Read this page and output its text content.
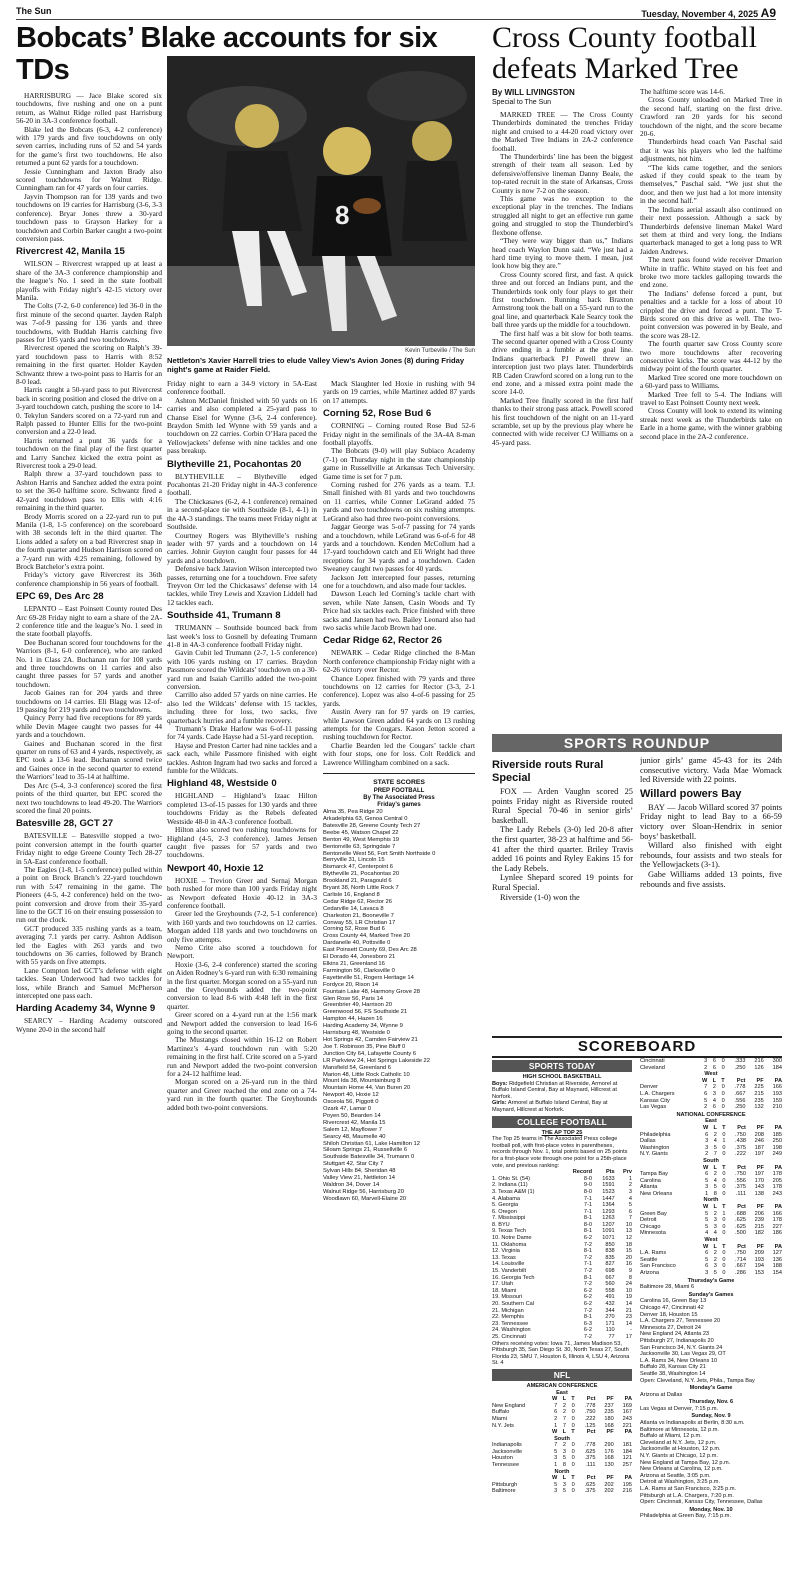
The Sun	Tuesday, November 4, 2025 A9
Bobcats’ Blake accounts for six TDs
Cross County football defeats Marked Tree
8
Kevin Turbeville / The Sun
Nettleton’s Xavier Harrell tries to elude Valley View’s Avion Jones (8) during Friday night’s game at Raider Field.

HARRISBURG — Jace Blake scored six touchdowns, five rushing and one on a punt return, as Walnut Ridge rolled past Harrisburg 56-20 in 3A-3 conference football.

Blake led the Bobcats (6-3, 4-2 conference) with 179 yards and five touchdowns on only seven carries, including runs of 52 and 54 yards for the game’s first two touchdowns. He also returned a punt 62 yards for a touchdown.

Jessie Cunningham and Jaxton Brady also scored touchdowns for Walnut Ridge. Cunningham ran for 47 yards on four carries.

Jayvin Thompson ran for 139 yards and two touchdowns on 19 carries for Harrisburg (3-6, 3-3 conference). Bryar Jones threw a 30-yard touchdown pass to Grayson Harkey for a touchdown and Corbin Barker caught a two-point conversion pass.

Rivercrest 42, Manila 15

WILSON – Rivercrest wrapped up at least a share of the 3A-3 conference championship and the league’s No. 1 seed in the state football playoffs with Friday night’s 42-15 victory over Manila.

The Colts (7-2, 6-0 conference) led 36-0 in the first minute of the second quarter. Jayden Ralph was 7-of-9 passing for 136 yards and three touchdowns, with Buddah Harris catching five passes for 105 yards and two touchdowns.

Rivercrest opened the scoring on Ralph’s 39-yard touchdown pass to Harris with 8:52 remaining in the first quarter. Holder Kayden Schwantz threw a two-point pass to Harris for an 8-0 lead.

Harris caught a 50-yard pass to put Rivercrest back in scoring position and closed the drive on a 3-yard touchdown catch, pushing the score to 14-0. Tekylun Sanders scored on a 72-yard run and Ralph passed to Hunter Ellis for the two-point conversion and a 22-0 lead.

Harris returned a punt 36 yards for a touchdown on the final play of the first quarter and Larry Sanchez kicked the extra point as Rivercrest took a 29-0 lead.

Ralph threw a 37-yard touchdown pass to Ashton Harris and Sanchez added the extra point to set the 36-0 halftime score. Schwantz fired a 42-yard touchdown pass to Ellis with 4:16 remaining in the third quarter.

Brody Morris scored on a 22-yard run to put Manila (1-8, 1-5 conference) on the scoreboard with 38 seconds left in the third quarter. The Lions added a safety on a bad Rivercrest snap in the fourth quarter and Hudson Harrison scored on a 7-yard run with 4:25 remaining, followed by Brock Batchelor’s extra point.

Friday’s victory gave Rivercrest its 36th conference championship in 56 years of football.

EPC 69, Des Arc 28

LEPANTO – East Poinsett County routed Des Arc 69-28 Friday night to earn a share of the 2A-2 conference title and the league’s No. 1 seed in the state football playoffs.

Dee Buchanan scored four touchdowns for the Warriors (8-1, 6-0 conference), who are ranked No. 1 in Class 2A. Buchanan ran for 108 yards and three touchdowns on 11 carries and also caught three passes for 57 yards and another touchdown.

Jacob Gaines ran for 204 yards and three touchdowns on 14 carries. Eli Blagg was 12-of-19 passing for 219 yards and two touchdowns.

Quincy Perry had five receptions for 89 yards while Devin Magee caught two passes for 44 yards and a touchdown.

Gaines and Buchanan scored in the first quarter on runs of 63 and 4 yards, respectively, as EPC took a 13-6 lead. Buchanan scored twice and Gaines once in the second quarter to extend the Warriors’ lead to 35-14 at halftime.

Des Arc (5-4, 3-3 conference) scored the first points of the third quarter, but EPC scored the next two touchdowns to lead 49-20. The Warriors scored the final 20 points.

Batesville 28, GCT 27

BATESVILLE – Batesville stopped a two-point conversion attempt in the fourth quarter Friday night to edge Greene County Tech 28-27 in 5A-East conference football.

The Eagles (1-8, 1-5 conference) pulled within a point on Brock Branch’s 22-yard touchdown run with 5:47 remaining in the game. The Pioneers (4-5, 4-2 conference) held on the two-point conversion and drove from their 35-yard line to the GCT 16 on their ensuing possession to run out the clock.

GCT produced 335 rushing yards as a team, averaging 7.1 yards per carry. Ashton Addison led the Eagles with 263 yards and two touchdowns on 36 carries, followed by Branch with 55 yards on five attempts.

Lane Compton led GCT’s defense with eight tackles. Sean Underwood had two tackles for loss, while Branch and Samuel McPherson intercepted one pass each.

Harding Academy 34, Wynne 9

SEARCY – Harding Academy outscored Wynne 20-0 in the second half

Friday night to earn a 34-9 victory in 5A-East conference football.

Ashton McDaniel finished with 50 yards on 16 carries and also completed a 25-yard pass to Chanse Eisel for Wynne (3-6, 2-4 conference). Braydon Smith led Wynne with 59 yards and a touchdown on 22 carries. Corbin O’Hara paced the Yellowjackets’ defense with nine tackles and one pass breakup.

Blytheville 21, Pocahontas 20

BLYTHEVILLE – Blytheville edged Pocahontas 21-20 Friday night in 4A-3 conference football.

The Chickasaws (6-2, 4-1 conference) remained in a second-place tie with Southside (8-1, 4-1) in the 4A-3 standings. The teams meet Friday night at Southside.

Courtney Rogers was Blytheville’s rushing leader with 97 yards and a touchdown on 14 carries. Johnir Guyton caught four passes for 44 yards and a touchdown.

Defensive back Jatavion Wilson intercepted two passes, returning one for a touchdown. Free safety Treyvon Orr led the Chickasaws’ defense with 14 tackles, while Trey Lewis and Xzavion Liddell had 12 tackles each.

Southside 41, Trumann 8

TRUMANN – Southside bounced back from last week’s loss to Gosnell by defeating Trumann 41-8 in 4A-3 conference football Friday night.

Gavin Cubit led Trumann (2-7, 1-5 conference) with 106 yards rushing on 17 carries. Braydon Passmore scored the Wildcats’ touchdown on a 30-yard run and Isaiah Carrillo added the two-point conversion.

Carrillo also added 57 yards on nine carries. He also led the Wildcats’ defense with 15 tackles, including three for loss, two sacks, five quarterback hurries and a fumble recovery.

Trumann’s Drake Harlow was 6-of-11 passing for 74 yards. Cade Hayse had a 51-yard reception.

Hayse and Preston Carter had nine tackles and a sack each, while Passmore finished with eight tackles. Ashton Ingram had two sacks and forced a fumble for the Wildcats.

Highland 48, Westside 0

HIGHLAND – Highland’s Izaac Hilton completed 13-of-15 passes for 130 yards and three touchdowns Friday as the Rebels defeated Westside 48-0 in 4A-3 conference football.

Hilton also scored two rushing touchdowns for Highland (4-5, 2-3 conference). James Jensen caught five passes for 57 yards and two touchdowns.

Newport 40, Hoxie 12

HOXIE – Trevion Greer and Sernaj Morgan both rushed for more than 100 yards Friday night as Newport defeated Hoxie 40-12 in 3A-3 conference football.

Greer led the Greyhounds (7-2, 5-1 conference) with 160 yards and two touchdowns on 12 carries. Morgan added 118 yards and two touchdowns on only five attempts.

Nemo Crite also scored a touchdown for Newport.

Hoxie (3-6, 2-4 conference) started the scoring on Aiden Rodney’s 6-yard run with 6:30 remaining in the first quarter. Morgan scored on a 55-yard run and the Greyhounds added the two-point conversion to lead 8-6 with 4:48 left in the first quarter.

Greer scored on a 4-yard run at the 1:56 mark and Newport added the conversion to lead 16-6 going to the second quarter.

The Mustangs closed within 16-12 on Robert Martinez’s 4-yard touchdown run with 5:20 remaining in the first half. Crite scored on a 5-yard run and Newport added the two-point conversion for a 24-12 halftime lead.

Morgan scored on a 26-yard run in the third quarter and Greer reached the end zone on a 74-yard run in the fourth quarter. The Greyhounds added both two-point conversions.

Mack Slaughter led Hoxie in rushing with 94 yards on 19 carries, while Martinez added 87 yards on 17 attempts.

Corning 52, Rose Bud 6

CORNING – Corning routed Rose Bud 52-6 Friday night in the semifinals of the 3A-4A 8-man football playoffs.

The Bobcats (9-0) will play Subiaco Academy (7-1) on Thursday night in the state championship game in Russellville at Arkansas Tech University. Game time is set for 7 p.m.

Corning rushed for 276 yards as a team. T.J. Small finished with 81 yards and two touchdowns on 11 carries, while Conner LeGrand added 75 yards and two touchdowns on six rushing attempts. LeGrand also had three two-point conversions.

Jaggar George was 5-of-7 passing for 74 yards and a touchdown, while LeGrand was 6-of-6 for 48 yards and a touchdown. Kenden McCollum had a 17-yard touchdown catch and Eli Wright had three receptions for 34 yards and a touchdown. Caden Sweaney caught two passes for 40 yards.

Jackson Jett intercepted four passes, returning one for a touchdown, and also made four tackles.

Dawson Leach led Corning’s tackle chart with seven, while Nate Jansen, Casin Woods and Ty Price had six tackles each. Price finished with three sacks and Jansen had two. Bailey Leonard also had two sacks while Jacob Brown had one.

Cedar Ridge 62, Rector 26

NEWARK – Cedar Ridge clinched the 8-Man North conference championship Friday night with a 62-26 victory over Rector.

Chance Lopez finished with 79 yards and three touchdowns on 12 carries for Rector (3-3, 2-1 conference). Lopez was also 4-of-6 passing for 25 yards.

Austin Avery ran for 97 yards on 19 carries, while Lawson Green added 64 yards on 13 rushing attempts for the Cougars. Kason Jetton scored a rushing touchdown for Rector.

Charlie Bearden led the Cougars’ tackle chart with four stops, one for loss. Colt Reddick and Lawrence Willingham combined on a sack.

STATE SCORES
PREP FOOTBALL
By The Associated Press
Friday’s games
Alma 35, Pea Ridge 20
Arkadelphia 63, Genoa Central 0
Batesville 28, Greene County Tech 27
Beebe 45, Watson Chapel 22
Benton 49, West Memphis 19
Bentonville 63, Springdale 7
Bentonville West 56, Fort Smith Northside 0
Berryville 31, Lincoln 15
Bismarck 47, Centerpoint 6
Blytheville 21, Pocahontas 20
Brookland 21, Paragould 6
Bryant 38, North Little Rock 7
Carlisle 16, England 8
Cedar Ridge 62, Rector 26
Cedarville 14, Lavaca 8
Charleston 21, Booneville 7
Conway 55, LR Christian 17
Corning 52, Rose Bud 6
Cross County 44, Marked Tree 20
Dardanelle 40, Pottsville 0
East Poinsett County 69, Des Arc 28
El Dorado 44, Jonesboro 21
Elkins 21, Greenland 16
Farmington 56, Clarksville 0
Fayetteville 51, Rogers Heritage 14
Fordyce 20, Rison 14
Fountain Lake 48, Harmony Grove 28
Glen Rose 56, Paris 14
Greenbrier 49, Harrison 20
Greenwood 56, FS Southside 21
Hampton 44, Hazen 16
Harding Academy 34, Wynne 9
Harrisburg 48, Westside 0
Hot Springs 42, Camden Fairview 21
Joe T. Robinson 35, Pine Bluff 0
Junction City 64, Lafayette County 6
LR Parkview 24, Hot Springs Lakeside 22
Mansfield 54, Greenland 6
Marion 48, Little Rock Catholic 10
Mount Ida 38, Mountainburg 8
Mountain Home 44, Van Buren 20
Newport 40, Hoxie 12
Osceola 56, Piggott 0
Ozark 47, Lamar 0
Poyen 50, Bearden 14
Rivercrest 42, Manila 15
Salem 12, Mayflower 7
Searcy 48, Maumelle 40
Shiloh Christian 61, Lake Hamilton 12
Siloam Springs 21, Russellville 6
Southside Batesville 34, Trumann 0
Stuttgart 42, Star City 7
Sylvan Hills 84, Sheridan 48
Valley View 21, Nettleton 14
Waldron 34, Dover 14
Walnut Ridge 56, Harrisburg 20
Woodlawn 60, Marvell-Elaine 20
By WILL LIVINGSTON
Special to The Sun

MARKED TREE — The Cross County Thunderbirds dominated the trenches Friday night and cruised to a 44-20 road victory over the Marked Tree Indians in 2A-2 conference football.

The Thunderbirds’ line has been the biggest strength of their team all season. Led by defensive/offensive lineman Danny Beale, the top-rated recruit in the state of Arkansas, Cross County is now 7-2 on the season.

This game was no exception to the exceptional play in the trenches. The Indians struggled all night to get an effective run game going and struggled to stop the Thunderbird’s flexbone offense.

“They were way bigger than us,” Indians head coach Waylon Dunn said. “We just had a hard time trying to move them. I mean, just look how big they are.”

Cross County scored first, and fast. A quick three and out forced an Indians punt, and the Thunderbirds took only four plays to get their first touchdown. Running back Braxton Armstrong took the ball on a 55-yard run to the goal line, and quarterback Kale Searcy took the ball three yards up the middle for a touchdown.

The first half was a bit slow for both teams. The second quarter opened with a Cross County drive ending in a fumble at the goal line. Indians quarterback PJ Powell threw an interception just two plays later. Thunderbirds RB Caden Crawford scored on a long run to the end zone, and a missed extra point made the score 14-0.

Marked Tree finally scored in the first half thanks to their strong pass attack. Powell scored his first touchdown of the night on an 11-yard scramble, set up by the previous play where he connected with wide receiver CJ Williams on a 45-yard pass.

The halftime score was 14-6.

Cross County unloaded on Marked Tree in the second half, starting on the first drive. Crawford ran 20 yards for his second touchdown of the night, and the score became 20-6.

Thunderbirds head coach Van Paschal said that it was his players who led the halftime adjustments, not him.

“The kids came together, and the seniors asked if they could speak to the team by themselves,” Paschal said. “We just shut the door, and then we just had a lot more intensity in the second half.”

The Indians aerial assault also continued on their next possession. Although a sack by Thunderbirds defensive lineman Makel Ward set them at third and very long, the Indians quarterback managed to get a long pass to WR Jaiden Andrews.

The next pass found wide receiver Dmarion White in traffic. White stayed on his feet and broke two more tackles galloping towards the end zone.

The Indians’ defense forced a punt, but penalties and a tackle for a loss of about 10 crippled the drive and forced a punt. The T-Birds scored on this drive as well. The two-point conversion was powered in by Beale, and the score was 28-12.

The fourth quarter saw Cross County score two more touchdowns after recovering consecutive kicks. The score was 44-12 by the midway point of the fourth quarter.

Marked Tree scored one more touchdown on a 60-yard pass to Williams.

Marked Tree fell to 5-4. The Indians will travel to East Poinsett County next week.

Cross County will look to extend its winning streak next week as the Thunderbirds take on Earle in a home game, with the winner grabbing second place in the 2A-2 conference.

SPORTS ROUNDUP
Riverside routs Rural Special

FOX — Arden Vaughn scored 25 points Friday night as Riverside routed Rural Special 70-46 in senior girls’ basketball.

The Lady Rebels (3-0) led 20-8 after the first quarter, 38-23 at halftime and 56-41 after the third quarter. Briley Travis added 16 points and Ryley Eakins 15 for the Lady Rebels.

Lynlee Shepard scored 19 points for Rural Special.

Riverside (1-0) won the

junior girls’ game 45-43 for its 24th consecutive victory. Vada Mae Womack led Riverside with 22 points.

Willard powers Bay

BAY — Jacob Willard scored 37 points Friday night to lead Bay to a 66-59 victory over Sloan-Hendrix in senior boys’ basketball.

Willard also finished with eight rebounds, four assists and two steals for the Yellowjackets (3-1).

Gabe Williams added 13 points, five rebounds and five assists.

SCOREBOARD
SPORTS TODAY
HIGH SCHOOL BASKETBALL
Boys: Ridgefield Christian at Riverside, Armorel at Buffalo Island Central, Bay at Maynard, Hillcrest at Norfork.
Girls: Armorel at Buffalo Island Central, Bay at Maynard, Hillcrest at Norfork.
COLLEGE FOOTBALL
THE AP TOP 25
The Top 25 teams in The Associated Press college football poll, with first-place votes in parentheses, records through Nov. 1, total points based on 25 points for a first-place vote through one point for a 25th-place vote, and previous ranking:
	Record	Pts	Prv
1. Ohio St. (54)	8-0	1633	1
2. Indiana (11)	9-0	1591	2
3. Texas A&M (1)	8-0	1523	3
4. Alabama	7-1	1447	4
5. Georgia	7-1	1364	5
6. Oregon	7-1	1293	6
7. Mississippi	8-1	1263	7
8. BYU	8-0	1207	10
9. Texas Tech	8-1	1091	13
10. Notre Dame	6-2	1071	12
11. Oklahoma	7-2	850	18
12. Virginia	8-1	838	15
13. Texas	7-2	835	20
14. Louisville	7-1	827	16
15. Vanderbilt	7-2	698	9
16. Georgia Tech	8-1	667	8
17. Utah	7-2	560	24
18. Miami	6-2	558	10
19. Missouri	6-2	491	19
20. Southern Cal	6-2	432	14
21. Michigan	7-2	344	21
22. Memphis	8-1	270	23
23. Tennessee	6-3	171	14
24. Washington	6-2	110	-
25. Cincinnati	7-2	77	17
Others receiving votes: Iowa 71, James Madison 53, Pittsburgh 35, San Diego St. 30, North Texas 27, South Florida 23, SMU 7, Houston 6, Illinois 4, LSU 4, Arizona St. 4
NFL
AMERICAN CONFERENCE
East						
	W	L	T	Pct	PF	PA
New England	7	2	0	.778	237	169
Buffalo	6	2	0	.750	235	167
Miami	2	7	0	.222	180	243
N.Y. Jets	1	7	0	.125	168	221
	W	L	T	Pct	PF	PA
South						
Indianapolis	7	2	0	.778	290	181
Jacksonville	5	3	0	.625	176	184
Houston	3	5	0	.375	168	121
Tennessee	1	8	0	.111	130	257
North						
	W	L	T	Pct	PF	PA
Pittsburgh	5	3	0	.625	202	195
Baltimore	3	5	0	.375	202	216
Cincinnati	3	6	0	.333	216	300
Cleveland	2	6	0	.250	126	184
West						
	W	L	T	Pct	PF	PA
Denver	7	2	0	.778	225	166
L.A. Chargers	6	3	0	.667	215	193
Kansas City	5	4	0	.556	235	159
Las Vegas	2	6	0	.250	132	210
NATIONAL CONFERENCE
East						
	W	L	T	Pct	PF	PA
Philadelphia	6	2	0	.750	208	185
Dallas	3	4	1	.438	246	250
Washington	3	5	0	.375	187	198
N.Y. Giants	2	7	0	.222	197	249
South						
	W	L	T	Pct	PF	PA
Tampa Bay	6	2	0	.750	197	178
Carolina	5	4	0	.556	170	205
Atlanta	3	5	0	.375	143	178
New Orleans	1	8	0	.111	138	243
North						
	W	L	T	Pct	PF	PA
Green Bay	5	2	1	.688	206	166
Detroit	5	3	0	.625	239	178
Chicago	5	3	0	.625	215	227
Minnesota	4	4	0	.500	182	186
West						
	W	L	T	Pct	PF	PA
L.A. Rams	6	2	0	.750	209	127
Seattle	5	2	0	.714	193	136
San Francisco	6	3	0	.667	194	188
Arizona	3	5	0	.286	153	154
Thursday’s Game
Baltimore 28, Miami 6
Sunday’s Games
Carolina 16, Green Bay 13
Chicago 47, Cincinnati 42
Denver 18, Houston 15
L.A. Chargers 27, Tennessee 20
Minnesota 27, Detroit 24
New England 24, Atlanta 23
Pittsburgh 27, Indianapolis 20
San Francisco 34, N.Y. Giants 24
Jacksonville 30, Las Vegas 29, OT
L.A. Rams 34, New Orleans 10
Buffalo 28, Kansas City 21
Seattle 38, Washington 14
Open: Cleveland, N.Y. Jets, Phila., Tampa Bay
Monday’s Game
Arizona at Dallas
Thursday, Nov. 6
Las Vegas at Denver, 7:15 p.m.
Sunday, Nov. 9
Atlanta vs Indianapolis at Berlin, 8:30 a.m.
Baltimore at Minnesota, 12 p.m.
Buffalo at Miami, 12 p.m.
Cleveland at N.Y. Jets, 12 p.m.
Jacksonville at Houston, 12 p.m.
N.Y. Giants at Chicago, 12 p.m.
New England at Tampa Bay, 12 p.m.
New Orleans at Carolina, 12 p.m.
Arizona at Seattle, 3:05 p.m.
Detroit at Washington, 3:25 p.m.
L.A. Rams at San Francisco, 3:25 p.m.
Pittsburgh at L.A. Chargers, 7:20 p.m.
Open: Cincinnati, Kansas City, Tennessee, Dallas
Monday, Nov. 10
Philadelphia at Green Bay, 7:15 p.m.
